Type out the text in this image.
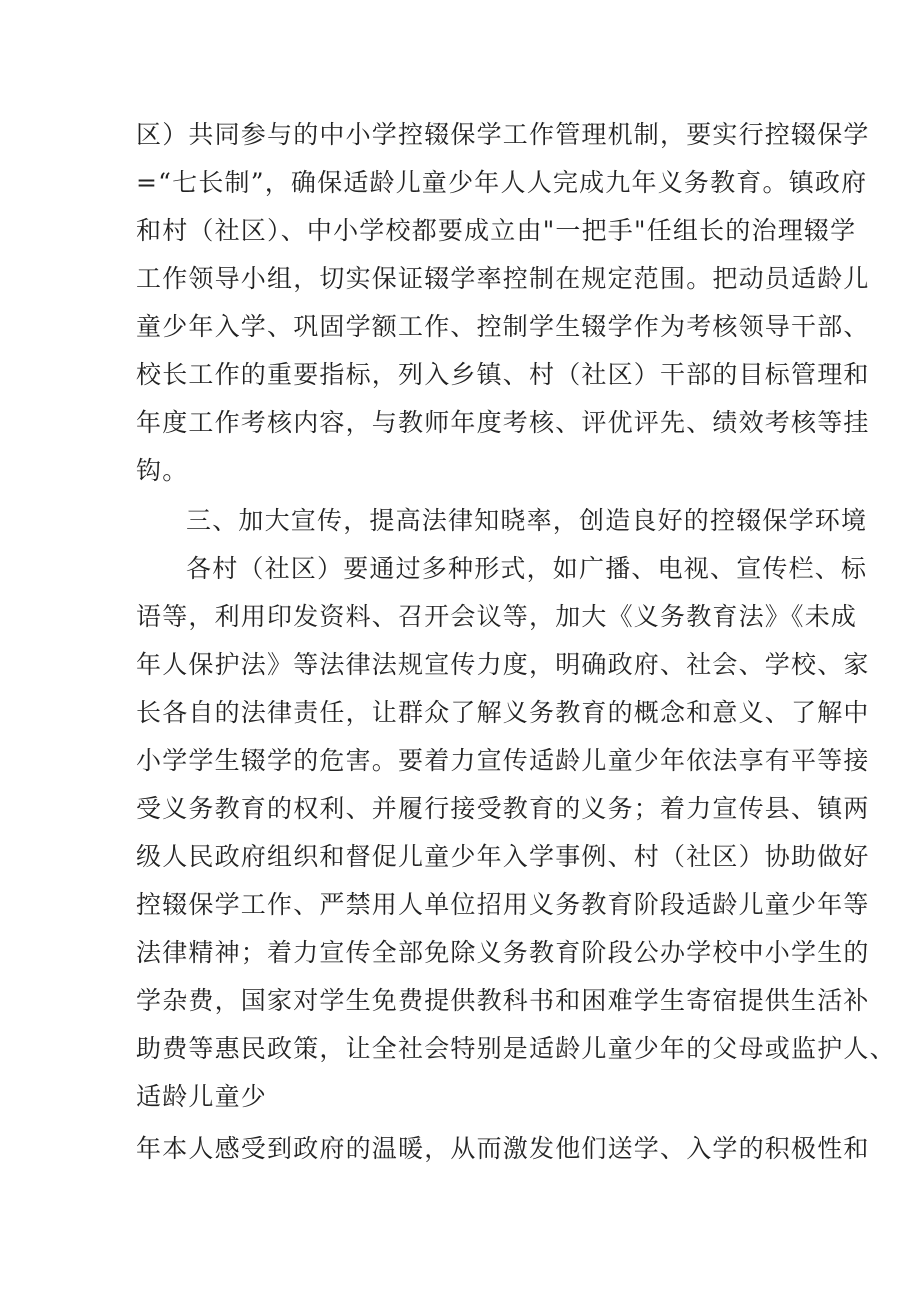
区）共同参与的中小学控辍保学工作管理机制，要实行控辍保学
=“七长制”，确保适龄儿童少年人人完成九年义务教育。镇政府
和村（社区）、中小学校都要成立由"一把手"任组长的治理辍学
工作领导小组，切实保证辍学率控制在规定范围。把动员适龄儿
童少年入学、巩固学额工作、控制学生辍学作为考核领导干部、
校长工作的重要指标，列入乡镇、村（社区）干部的目标管理和
年度工作考核内容，与教师年度考核、评优评先、绩效考核等挂
钩。
三、加大宣传，提高法律知晓率，创造良好的控辍保学环境
各村（社区）要通过多种形式，如广播、电视、宣传栏、标
语等，利用印发资料、召开会议等，加大《义务教育法》《未成
年人保护法》等法律法规宣传力度，明确政府、社会、学校、家
长各自的法律责任，让群众了解义务教育的概念和意义、了解中
小学学生辍学的危害。要着力宣传适龄儿童少年依法享有平等接
受义务教育的权利、并履行接受教育的义务；着力宣传县、镇两
级人民政府组织和督促儿童少年入学事例、村（社区）协助做好
控辍保学工作、严禁用人单位招用义务教育阶段适龄儿童少年等
法律精神；着力宣传全部免除义务教育阶段公办学校中小学生的
学杂费，国家对学生免费提供教科书和困难学生寄宿提供生活补
助费等惠民政策，让全社会特别是适龄儿童少年的父母或监护人、
适龄儿童少
年本人感受到政府的温暖，从而激发他们送学、入学的积极性和
